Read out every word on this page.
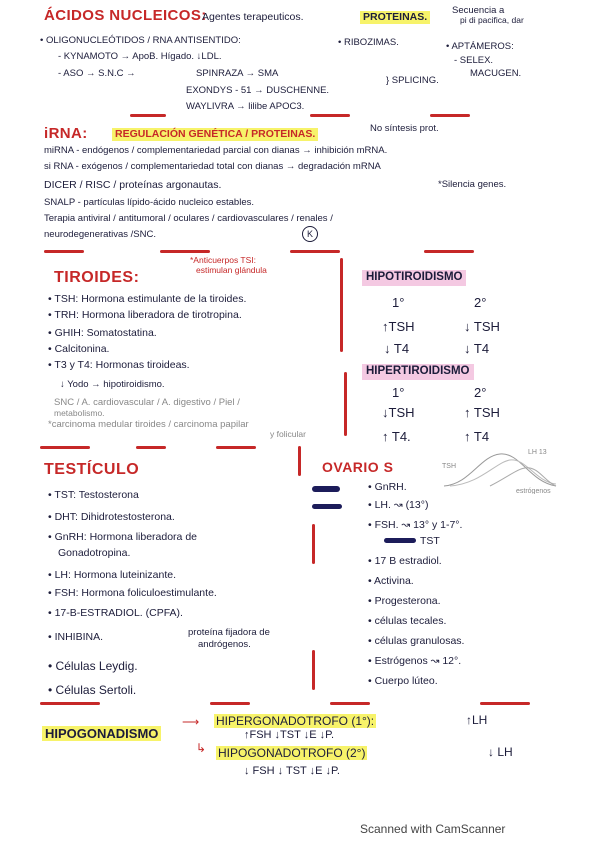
ÁCIDOS NUCLEICOS:
Agentes terapeuticos.	PROTEINAS.
Secuencia a
pi di pacifica, dar
• OLIGONUCLEÓTIDOS / RNA ANTISENTIDO:	• RIBOZIMAS.	• APTÁMEROS:
- KYNAMOTO → ApoB. Hígado. ↓LDL.	- SELEX.
- ASO → S.N.C →	SPINRAZA → SMA	MACUGEN.
EXONDYS - 51 → DUSCHENNE.
} SPLICING.
WAYLIVRA → lilibe APOC3.
iRNA:	REGULACIÓN GENÉTICA / PROTEINAS.	No síntesis prot.
miRNA - endógenos / complementariedad parcial con dianas → inhibición mRNA.
si RNA - exógenos / complementariedad total con dianas → degradación mRNA
DICER / RISC / proteínas argonautas.	*Silencia genes.
SNALP - partículas lípido-ácido nucleico estables.
Terapia antiviral / antitumoral / oculares / cardiovasculares / renales /
neurodegenerativas /SNC.	K
TIROIDES:
*Anticuerpos TSI:
estimulan glándula
• TSH: Hormona estimulante de la tiroides.
• TRH: Hormona liberadora de tirotropina.
• GHIH: Somatostatina.
• Calcitonina.
• T3 y T4: Hormonas tiroideas.
↓ Yodo → hipotiroidismo.
SNC / A. cardiovascular / A. digestivo / Piel /
metabolismo.
*carcinoma medular tiroides / carcinoma papilar
y folicular
HIPOTIROIDISMO
1°	2°
↑TSH	↓ TSH
↓ T4	↓ T4
HIPERTIROIDISMO
1°	2°
↓TSH	↑ TSH
↑ T4.	↑ T4
TESTÍCULO
• TST: Testosterona
• DHT: Dihidrotestosterona.
• GnRH: Hormona liberadora de
Gonadotropina.
• LH: Hormona luteinizante.
• FSH: Hormona foliculoestimulante.
• 17-B-ESTRADIOL. (CPFA).
• INHIBINA.	proteína fijadora de
andrógenos.
• Células Leydig.
• Células Sertoli.
OVARIO S	TSH
LH 13
estrógenos
• GnRH.
• LH. ↝ (13°)
• FSH. ↝ 13° y 1-7°.
TST
• 17 B estradiol.
• Activina.
• Progesterona.
• células tecales.
• células granulosas.
• Estrógenos ↝ 12°.
• Cuerpo lúteo.
HIPOGONADISMO
⟶ HIPERGONADOTROFO (1°):	↑LH
↑FSH ↓TST ↓E ↓P.
↳ HIPOGONADOTROFO (2°)	↓ LH
↓ FSH ↓ TST ↓E ↓P.
Scanned with CamScanner
